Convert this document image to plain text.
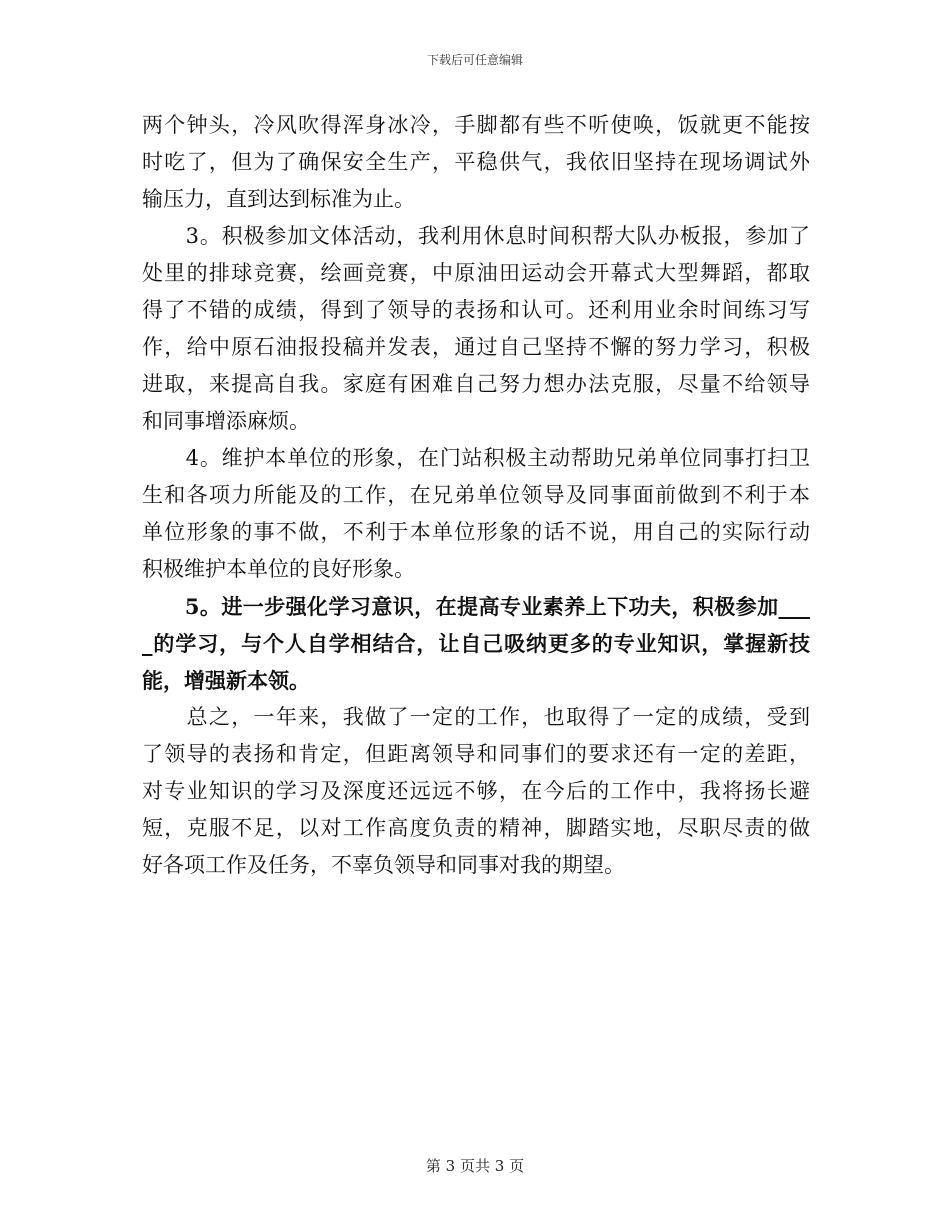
下载后可任意编辑
两个钟头，冷风吹得浑身冰冷，手脚都有些不听使唤，饭就更不能按
时吃了，但为了确保安全生产，平稳供气，我依旧坚持在现场调试外
输压力，直到达到标准为止。
　　3。积极参加文体活动，我利用休息时间积帮大队办板报，参加了
处里的排球竞赛，绘画竞赛，中原油田运动会开幕式大型舞蹈，都取
得了不错的成绩，得到了领导的表扬和认可。还利用业余时间练习写
作，给中原石油报投稿并发表，通过自己坚持不懈的努力学习，积极
进取，来提高自我。家庭有困难自己努力想办法克服，尽量不给领导
和同事增添麻烦。
　　4。维护本单位的形象，在门站积极主动帮助兄弟单位同事打扫卫
生和各项力所能及的工作，在兄弟单位领导及同事面前做到不利于本
单位形象的事不做，不利于本单位形象的话不说，用自己的实际行动
积极维护本单位的良好形象。
　　5。进一步强化学习意识，在提高专业素养上下功夫，积极参加___
_的学习，与个人自学相结合，让自己吸纳更多的专业知识，掌握新技
能，增强新本领。
　　总之，一年来，我做了一定的工作，也取得了一定的成绩，受到
了领导的表扬和肯定，但距离领导和同事们的要求还有一定的差距，
对专业知识的学习及深度还远远不够，在今后的工作中，我将扬长避
短，克服不足，以对工作高度负责的精神，脚踏实地，尽职尽责的做
好各项工作及任务，不辜负领导和同事对我的期望。
第 3 页共 3 页
